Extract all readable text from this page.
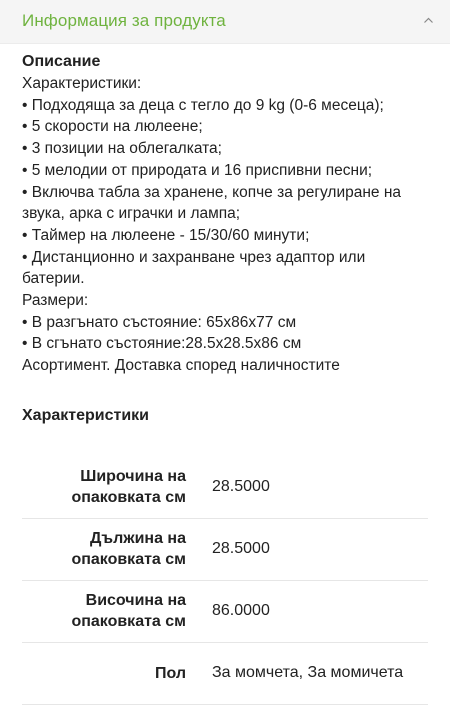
Информация за продукта
Описание
Характеристики:
• Подходяща за деца с тегло до 9 kg (0-6 месеца);
• 5 скорости на люлеене;
• 3 позиции на облегалката;
• 5 мелодии от природата и 16 приспивни песни;
• Включва табла за хранене, копче за регулиране на
звука, арка с играчки и лампа;
• Таймер на люлеене - 15/30/60 минути;
• Дистанционно и захранване чрез адаптор или
батерии.
Размери:
• В разгънато състояние: 65x86x77 см
• В сгънато състояние:28.5x28.5x86 см
Асортимент. Доставка според наличностите
Характеристики
Широчина на опаковката см
28.5000
Дължина на опаковката см
28.5000
Височина на опаковката см
86.0000
Пол	За момчета, За момичета
